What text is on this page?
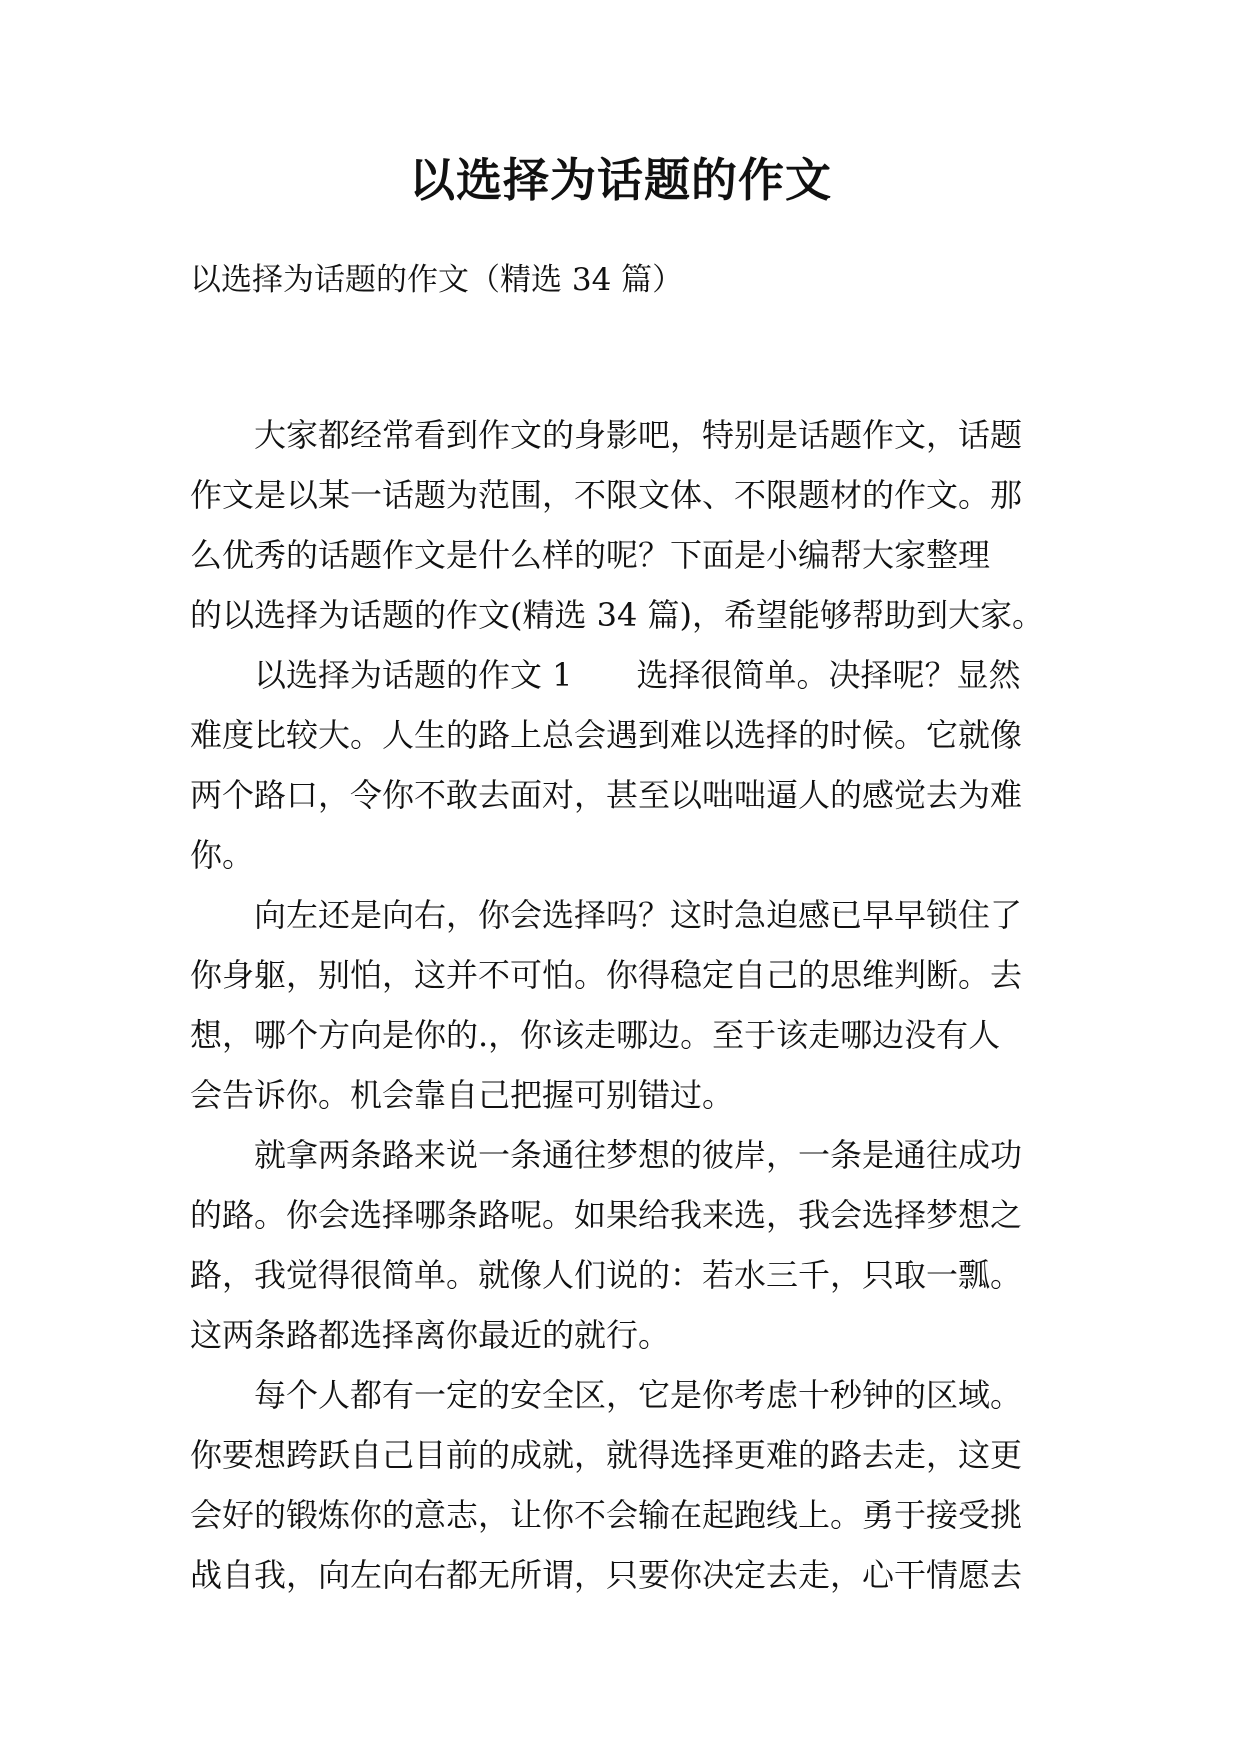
以选择为话题的作文
以选择为话题的作文（精选 34 篇）
大家都经常看到作文的身影吧，特别是话题作文，话题
作文是以某一话题为范围，不限文体、不限题材的作文。那
么优秀的话题作文是什么样的呢？下面是小编帮大家整理
的以选择为话题的作文(精选 34 篇)，希望能够帮助到大家。
以选择为话题的作文 1 选择很简单。决择呢？显然
难度比较大。人生的路上总会遇到难以选择的时候。它就像
两个路口，令你不敢去面对，甚至以咄咄逼人的感觉去为难
你。
向左还是向右，你会选择吗？这时急迫感已早早锁住了
你身躯，别怕，这并不可怕。你得稳定自己的思维判断。去
想，哪个方向是你的.，你该走哪边。至于该走哪边没有人
会告诉你。机会靠自己把握可别错过。
就拿两条路来说一条通往梦想的彼岸，一条是通往成功
的路。你会选择哪条路呢。如果给我来选，我会选择梦想之
路，我觉得很简单。就像人们说的：若水三千，只取一瓢。
这两条路都选择离你最近的就行。
每个人都有一定的安全区，它是你考虑十秒钟的区域。
你要想跨跃自己目前的成就，就得选择更难的路去走，这更
会好的锻炼你的意志，让你不会输在起跑线上。勇于接受挑
战自我，向左向右都无所谓，只要你决定去走，心干情愿去
